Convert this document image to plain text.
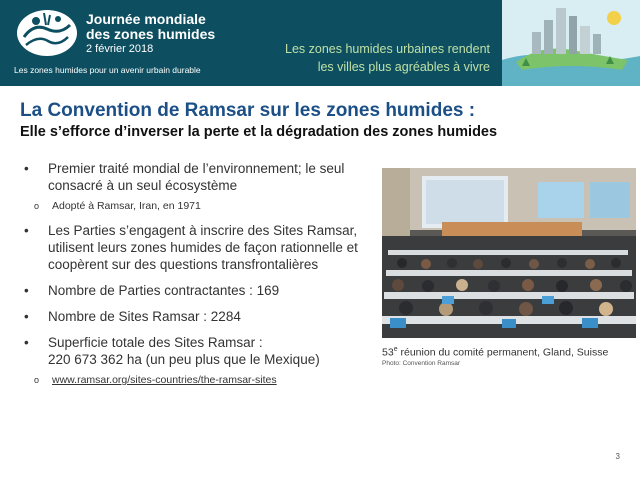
Journée mondiale
des zones humides
2 février 2018
Les zones humides pour un avenir urbain durable
Les zones humides urbaines rendent
les villes plus agréables à vivre
La Convention de Ramsar sur les zones humides :
Elle s’efforce d’inverser la perte et la dégradation des zones humides
• Premier traité mondial de l’environnement; le seul consacré à un seul écosystème
o Adopté à Ramsar, Iran, en 1971
• Les Parties s’engagent à inscrire des Sites Ramsar, utilisent leurs zones humides de façon rationnelle et coopèrent sur des questions transfrontalières
• Nombre de Parties contractantes : 169
• Nombre de Sites Ramsar : 2284
• Superficie totale des Sites Ramsar :
220 673 362 ha (un peu plus que le Mexique)
o www.ramsar.org/sites-countries/the-ramsar-sites
53e réunion du comité permanent, Gland, Suisse
Photo: Convention Ramsar
3
